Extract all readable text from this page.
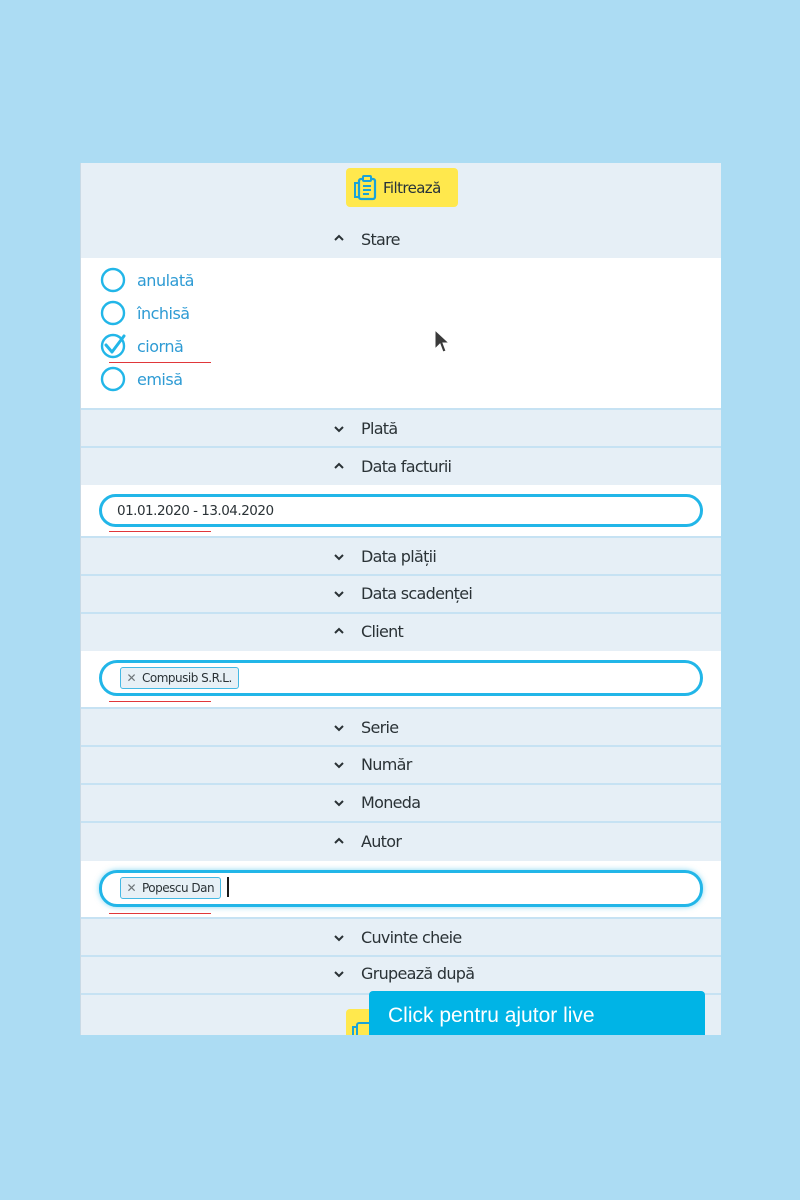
Filtrează
Stare
anulată
închisă
ciornă
emisă
Plată
Data facturii
01.01.2020 - 13.04.2020
Data plății
Data scadenței
Client
✕ Compusib S.R.L.
Serie
Număr
Moneda
Autor
✕ Popescu Dan
Cuvinte cheie
Grupează după
Click pentru ajutor live
